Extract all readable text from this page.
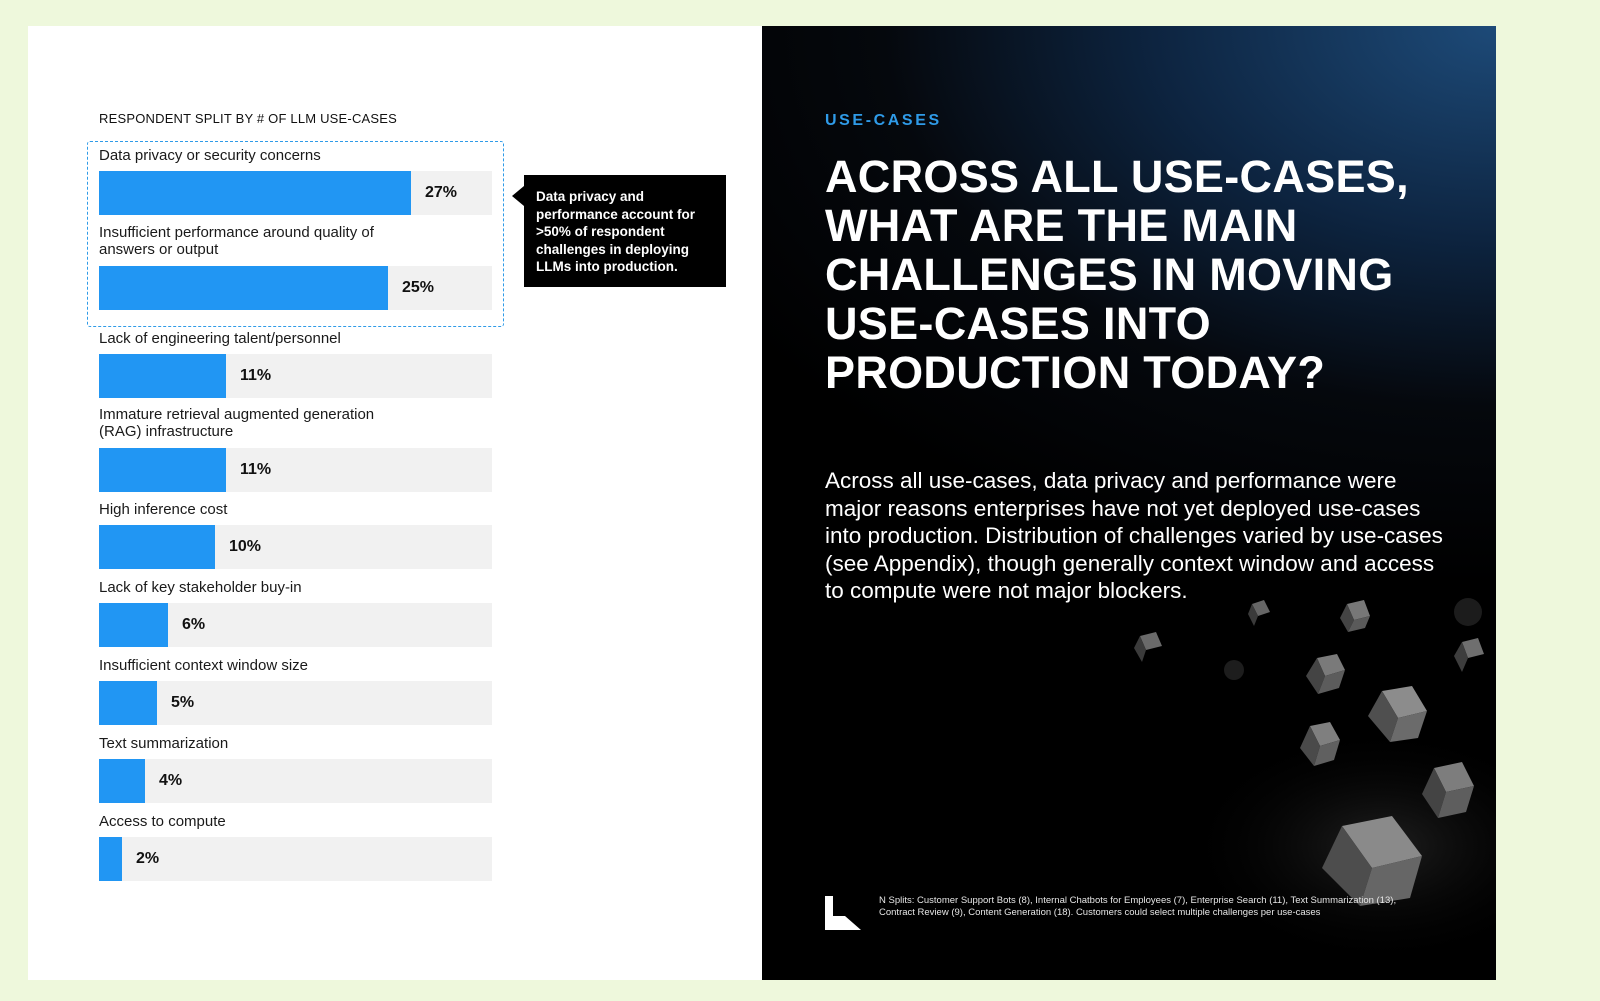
RESPONDENT SPLIT BY # OF LLM USE-CASES
Data privacy or security concerns
27%
Insufficient performance around quality of answers or output
25%
Lack of engineering talent/personnel
11%
Immature retrieval augmented generation (RAG) infrastructure
11%
High inference cost
10%
Lack of key stakeholder buy-in
6%
Insufficient context window size
5%
Text summarization
4%
Access to compute
2%
Data privacy and performance account for >50% of respondent challenges in deploying LLMs into production.
USE-CASES
ACROSS ALL USE-CASES, WHAT ARE THE MAIN CHALLENGES IN MOVING USE-CASES INTO PRODUCTION TODAY?

Across all use-cases, data privacy and performance were major reasons enterprises have not yet deployed use-cases into production. Distribution of challenges varied by use-cases (see Appendix), though generally context window and access to compute were not major blockers.

N Splits: Customer Support Bots (8), Internal Chatbots for Employees (7), Enterprise Search (11), Text Summarization (13), Contract Review (9), Content Generation (18). Customers could select multiple challenges per use-cases
